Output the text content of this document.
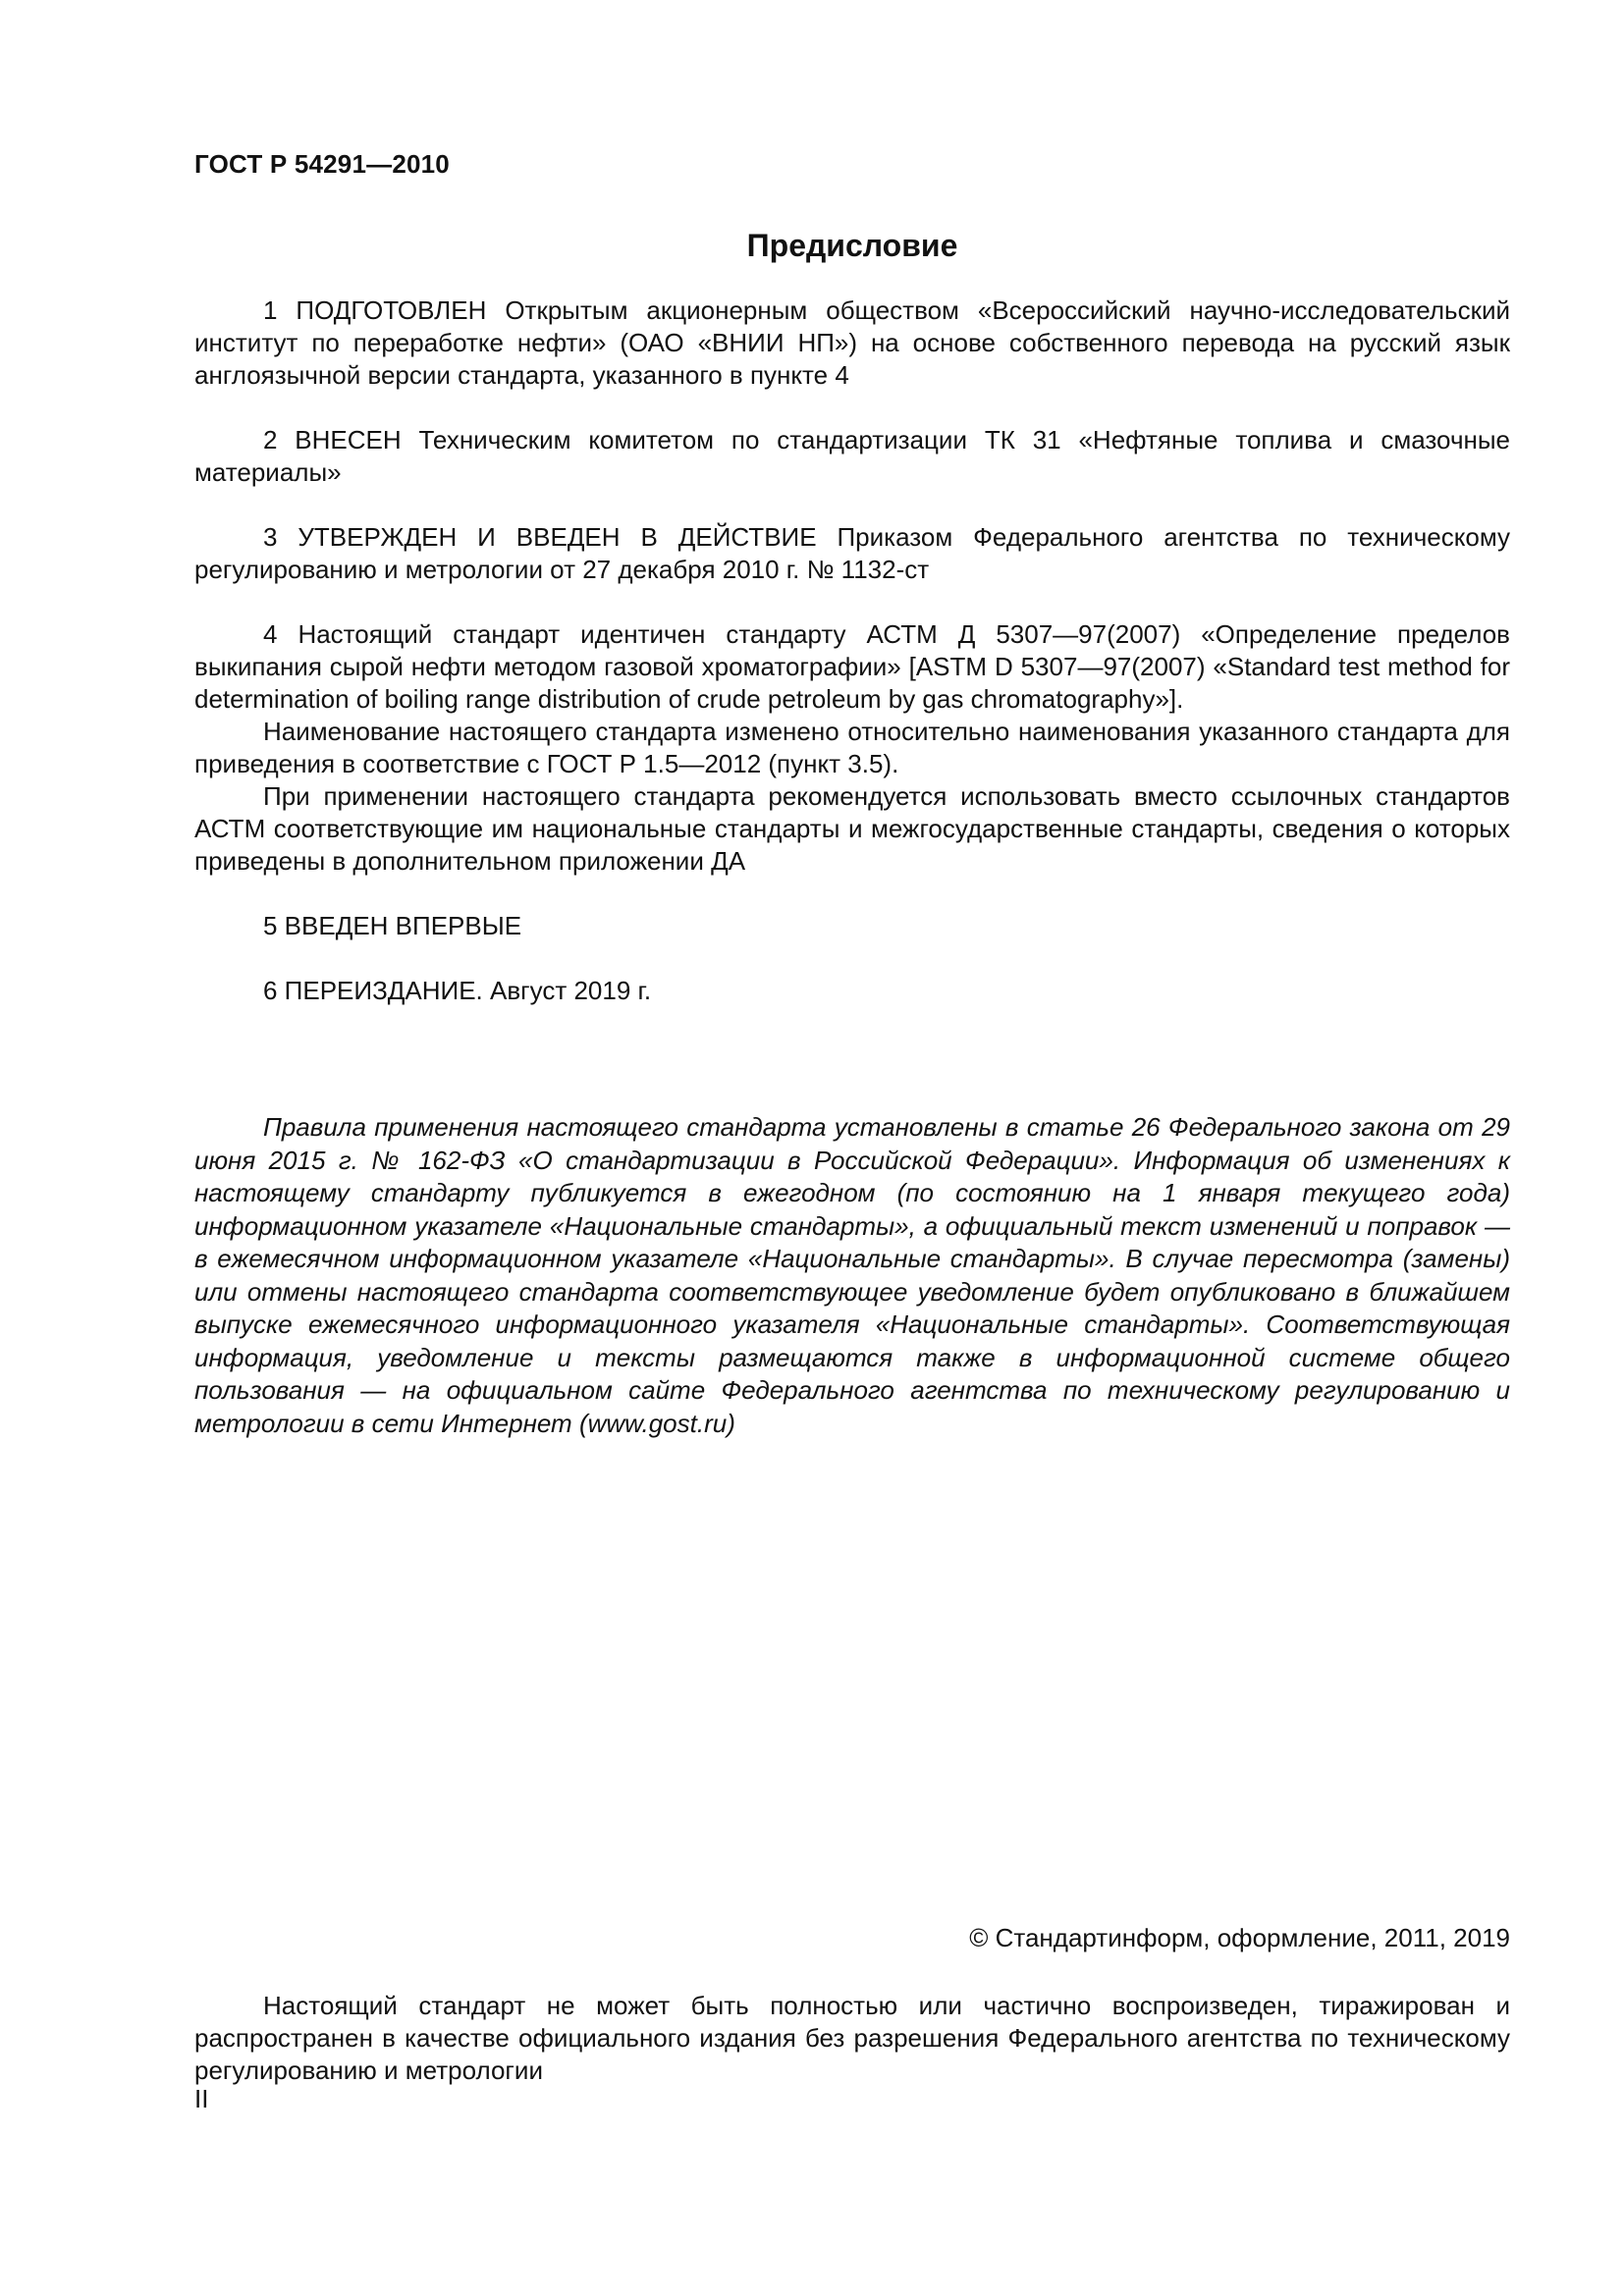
ГОСТ Р 54291—2010
Предисловие

1 ПОДГОТОВЛЕН Открытым акционерным обществом «Всероссийский научно-исследовательский институт по переработке нефти» (ОАО «ВНИИ НП») на основе собственного перевода на русский язык англоязычной версии стандарта, указанного в пункте 4

2 ВНЕСЕН Техническим комитетом по стандартизации ТК 31 «Нефтяные топлива и смазочные материалы»

3 УТВЕРЖДЕН И ВВЕДЕН В ДЕЙСТВИЕ Приказом Федерального агентства по техническому регулированию и метрологии от 27 декабря 2010 г. № 1132-ст

4 Настоящий стандарт идентичен стандарту АСТМ Д 5307—97(2007) «Определение пределов выкипания сырой нефти методом газовой хроматографии» [ASTM D 5307—97(2007) «Standard test method for determination of boiling range distribution of crude petroleum by gas chromatography»].

Наименование настоящего стандарта изменено относительно наименования указанного стандарта для приведения в соответствие с ГОСТ Р 1.5—2012 (пункт 3.5).

При применении настоящего стандарта рекомендуется использовать вместо ссылочных стандартов АСТМ соответствующие им национальные стандарты и межгосударственные стандарты, сведения о которых приведены в дополнительном приложении ДА

5 ВВЕДЕН ВПЕРВЫЕ

6 ПЕРЕИЗДАНИЕ. Август 2019 г.

Правила применения настоящего стандарта установлены в статье 26 Федерального закона от 29 июня 2015 г. № 162-ФЗ «О стандартизации в Российской Федерации». Информация об изменениях к настоящему стандарту публикуется в ежегодном (по состоянию на 1 января текущего года) информационном указателе «Национальные стандарты», а официальный текст изменений и поправок — в ежемесячном информационном указателе «Национальные стандарты». В случае пересмотра (замены) или отмены настоящего стандарта соответствующее уведомление будет опубликовано в ближайшем выпуске ежемесячного информационного указателя «Национальные стандарты». Соответствующая информация, уведомление и тексты размещаются также в информационной системе общего пользования — на официальном сайте Федерального агентства по техническому регулированию и метрологии в сети Интернет (www.gost.ru)

© Стандартинформ, оформление, 2011, 2019

Настоящий стандарт не может быть полностью или частично воспроизведен, тиражирован и распространен в качестве официального издания без разрешения Федерального агентства по техническому регулированию и метрологии

II
